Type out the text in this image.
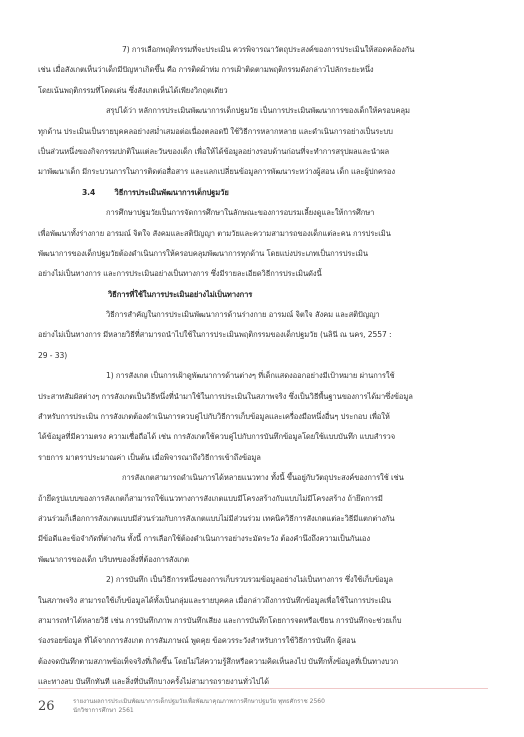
7) การเลือกพฤติกรรมที่จะประเมิน ควรพิจารณาวัตถุประสงค์ของการประเมินให้สอดคล้องกัน
เช่น เมื่อสังเกตเห็นว่าเด็กมีปัญหาเกิดขึ้น คือ การติดผ้าห่ม การเฝ้าติดตามพฤติกรรมดังกล่าวไปลักระยะหนึ่ง
โดยเน้นพฤติกรรมที่โดดเด่น ซึ่งสังเกตเห็นได้เพียงวิกฤตเดียว
สรุปได้ว่า หลักการประเมินพัฒนาการเด็กปฐมวัย เป็นการประเมินพัฒนาการของเด็กให้ครอบคลุม
ทุกด้าน ประเมินเป็นรายบุคคลอย่างสม่ำเสมอต่อเนื่องตลอดปี ใช้วิธีการหลากหลาย และดำเนินการอย่างเป็นระบบ
เป็นส่วนหนึ่งของกิจกรรมปกติในแต่ละวันของเด็ก เพื่อให้ได้ข้อมูลอย่างรอบด้านก่อนที่จะทำการสรุปผลและนำผล
มาพัฒนาเด็ก มีกระบวนการในการติดต่อสื่อสาร และแลกเปลี่ยนข้อมูลการพัฒนาระหว่างผู้สอน เด็ก และผู้ปกครอง
3.4	วิธีการประเมินพัฒนาการเด็กปฐมวัย
การศึกษาปฐมวัยเป็นการจัดการศึกษาในลักษณะของการอบรมเลี้ยงดูและให้การศึกษา
เพื่อพัฒนาทั้งร่างกาย อารมณ์ จิตใจ สังคมและสติปัญญา ตามวัยและความสามารถของเด็กแต่ละคน การประเมิน
พัฒนาการของเด็กปฐมวัยต้องดำเนินการให้ครอบคลุมพัฒนาการทุกด้าน โดยแบ่งประเภทเป็นการประเมิน
อย่างไม่เป็นทางการ และการประเมินอย่างเป็นทางการ ซึ่งมีรายละเอียดวิธีการประเมินดังนี้
วิธีการที่ใช้ในการประเมินอย่างไม่เป็นทางการ
วิธีการสำคัญในการประเมินพัฒนาการด้านร่างกาย อารมณ์ จิตใจ สังคม และสติปัญญา
อย่างไม่เป็นทางการ มีหลายวิธีที่สามารถนำไปใช้ในการประเมินพฤติกรรมของเด็กปฐมวัย (นลินี ณ นคร, 2557 :
29 - 33)
1) การสังเกต เป็นการเฝ้าดูพัฒนาการด้านต่างๆ ที่เด็กแสดงออกอย่างมีเป้าหมาย ผ่านการใช้
ประสาทสัมผัสต่างๆ การสังเกตเป็นวิธีหนึ่งที่นำมาใช้ในการประเมินในสภาพจริง ซึ่งเป็นวิธีพื้นฐานของการได้มาซึ่งข้อมูล
สำหรับการประเมิน การสังเกตต้องดำเนินการควบคู่ไปกับวิธีการเก็บข้อมูลและเครื่องมือหนึ่งอื่นๆ ประกอบ เพื่อให้
ได้ข้อมูลที่มีความตรง ความเชื่อถือได้ เช่น การสังเกตใช้ควบคู่ไปกับการบันทึกข้อมูลโดยใช้แบบบันทึก แบบสำรวจ
รายการ มาตราประมาณค่า เป็นต้น เมื่อพิจารณาถึงวิธีการเข้าถึงข้อมูล
การสังเกตสามารถดำเนินการได้หลายแนวทาง ทั้งนี้ ขึ้นอยู่กับวัตถุประสงค์ของการใช้ เช่น
ถ้ายึดรูปแบบของการสังเกตก็สามารถใช้แนวทางการสังเกตแบบมีโครงสร้างกับแบบไม่มีโครงสร้าง ถ้ายึดการมี
ส่วนร่วมก็เลือกการสังเกตแบบมีส่วนร่วมกับการสังเกตแบบไม่มีส่วนร่วม เทคนิควิธีการสังเกตแต่ละวิธีมีแตกต่างกัน
มีข้อดีและข้อจำกัดที่ต่างกัน ทั้งนี้ การเลือกใช้ต้องดำเนินการอย่างระมัดระวัง ต้องคำนึงถึงความเป็นกันเอง
พัฒนาการของเด็ก บริบทของสิ่งที่ต้องการสังเกต
2) การบันทึก เป็นวิธีการหนึ่งของการเก็บรวบรวมข้อมูลอย่างไม่เป็นทางการ ซึ่งใช้เก็บข้อมูล
ในสภาพจริง สามารถใช้เก็บข้อมูลได้ทั้งเป็นกลุ่มและรายบุคคล เมื่อกล่าวถึงการบันทึกข้อมูลเพื่อใช้ในการประเมิน
สามารถทำได้หลายวิธี เช่น การบันทึกภาพ การบันทึกเสียง และการบันทึกโดยการจดหรือเขียน การบันทึกจะช่วยเก็บ
ร่องรอยข้อมูล ที่ได้จากการสังเกต การสัมภาษณ์ พูดคุย ข้อควรระวังสำหรับการใช้วิธีการบันทึก ผู้สอน
ต้องจดบันทึกตามสภาพข้อเท็จจริงที่เกิดขึ้น โดยไม่ใส่ความรู้สึกหรือความคิดเห็นลงไป บันทึกทั้งข้อมูลที่เป็นทางบวก
และทางลบ บันทึกทันที และสิ่งที่บันทึกบางครั้งไม่สามารถรายงานทั่วไปได้
26	รายงานผลการประเมินพัฒนาการเด็กปฐมวัยเพื่อพัฒนาคุณภาพการศึกษาปฐมวัย พุทธศักราช 2560
นักวิชาการศึกษา 2561
